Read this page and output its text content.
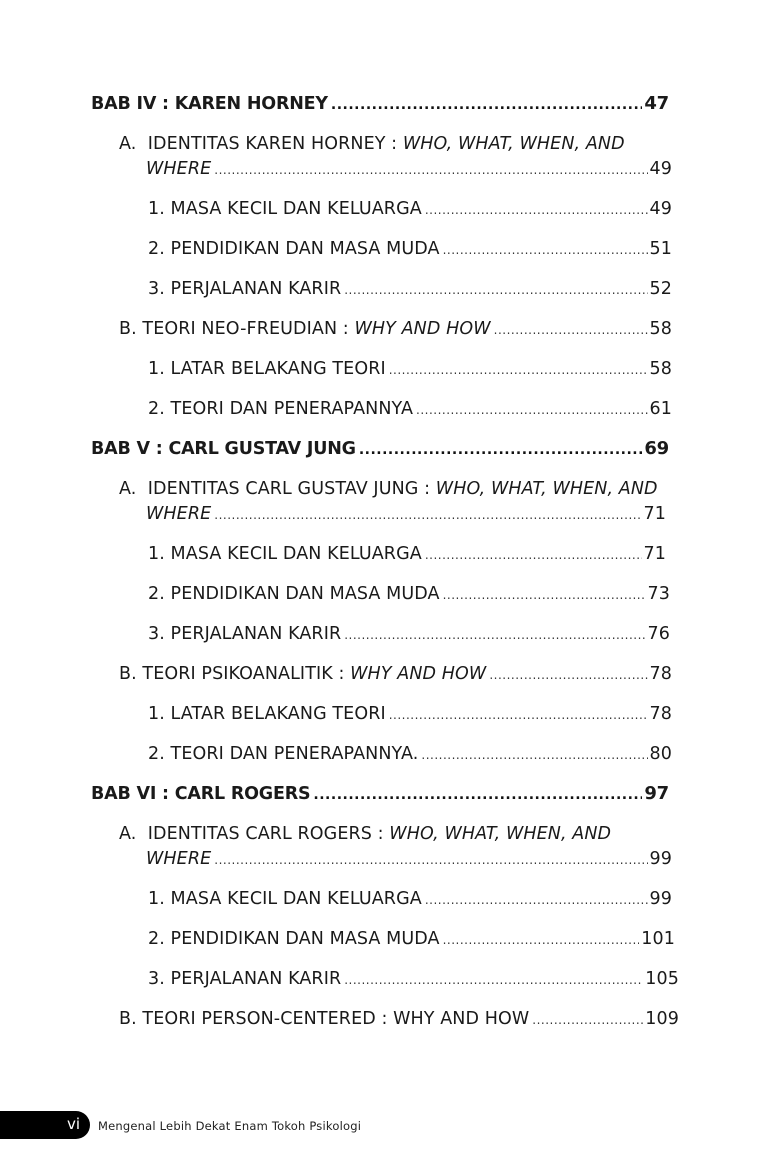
BAB IV : KAREN HORNEY .....	47
A. IDENTITAS KAREN HORNEY : WHO, WHAT, WHEN, AND
WHERE .....	49
1. MASA KECIL DAN KELUARGA .....	49
2. PENDIDIKAN DAN MASA MUDA .....	51
3. PERJALANAN KARIR .....	52
B. TEORI NEO-FREUDIAN : WHY AND HOW .....	58
1. LATAR BELAKANG TEORI .....	58
2. TEORI DAN PENERAPANNYA .....	61
BAB V : CARL GUSTAV JUNG .....	69
A. IDENTITAS CARL GUSTAV JUNG : WHO, WHAT, WHEN, AND
WHERE .....	71
1. MASA KECIL DAN KELUARGA .....	71
2. PENDIDIKAN DAN MASA MUDA .....	73
3. PERJALANAN KARIR .....	76
B. TEORI PSIKOANALITIK : WHY AND HOW .....	78
1. LATAR BELAKANG TEORI .....	78
2. TEORI DAN PENERAPANNYA. .....	80
BAB VI : CARL ROGERS .....	97
A. IDENTITAS CARL ROGERS : WHO, WHAT, WHEN, AND
WHERE .....	99
1. MASA KECIL DAN KELUARGA .....	99
2. PENDIDIKAN DAN MASA MUDA .....	101
3. PERJALANAN KARIR .....	105
B. TEORI PERSON-CENTERED : WHY AND HOW .....	109
vi Mengenal Lebih Dekat Enam Tokoh Psikologi
